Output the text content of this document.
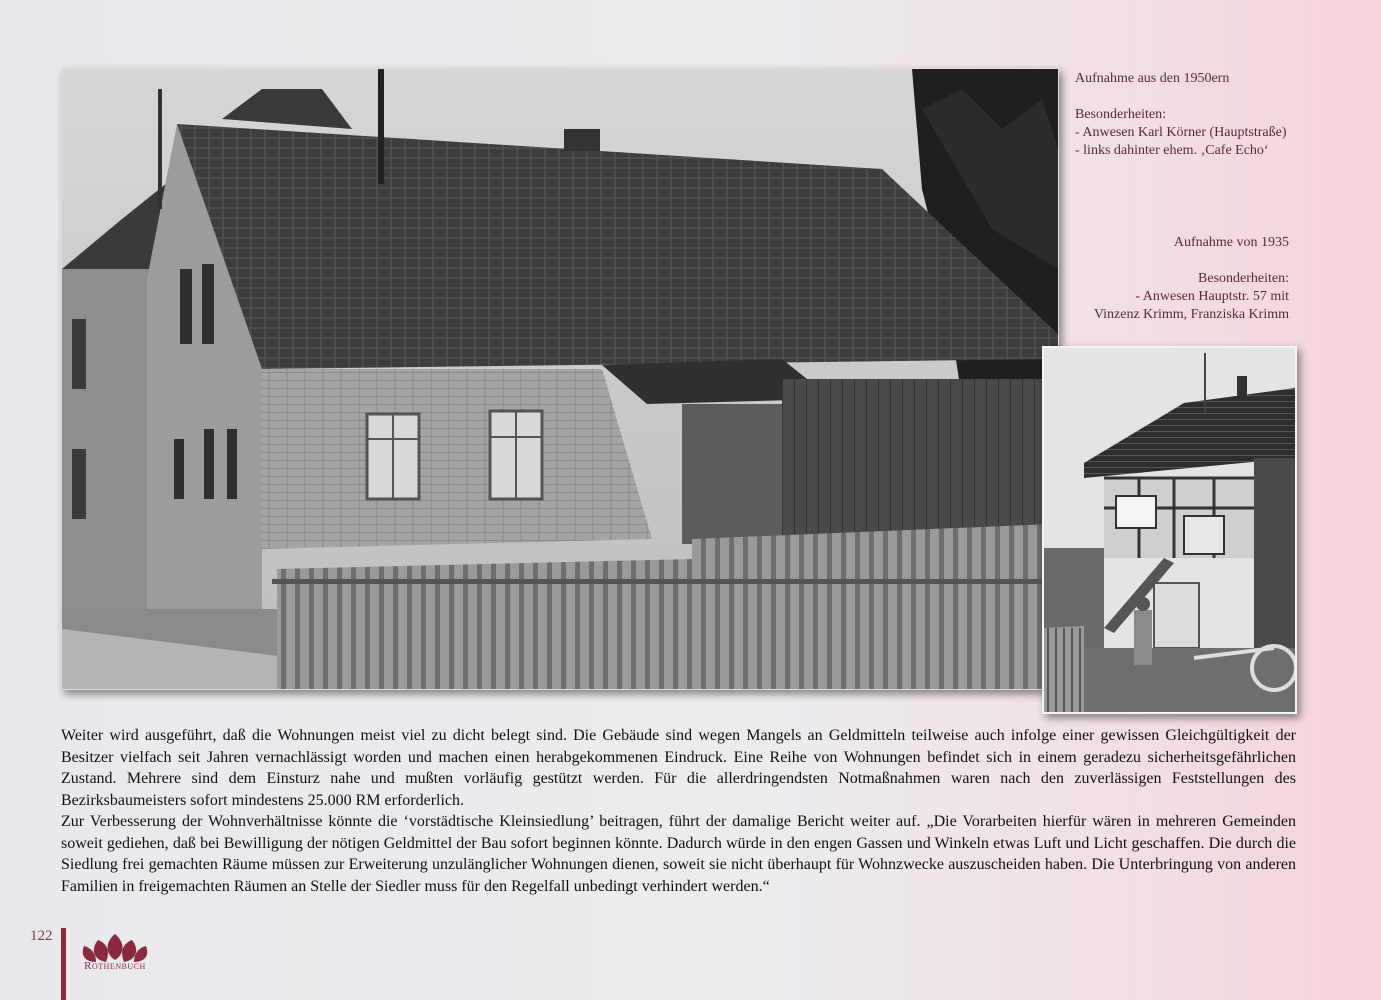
Aufnahme aus den 1950ern

Besonderheiten:

- Anwesen Karl Körner (Hauptstraße)

- links dahinter ehem. ‚Cafe Echo‘

Aufnahme von 1935

Besonderheiten:

- Anwesen Hauptstr. 57 mit

Vinzenz Krimm, Franziska Krimm

Weiter wird ausgeführt, daß die Wohnungen meist viel zu dicht belegt sind. Die Gebäude sind wegen Mangels an Geldmitteln teilweise auch infolge einer gewissen Gleichgültigkeit der Besitzer vielfach seit Jahren vernachlässigt worden und machen einen herabgekommenen Eindruck. Eine Reihe von Wohnungen befindet sich in einem geradezu sicherheitsgefährlichen Zustand. Mehrere sind dem Einsturz nahe und mußten vorläufig gestützt werden. Für die allerdringendsten Notmaßnahmen waren nach den zuverlässigen Feststellungen des Bezirksbaumeisters sofort mindestens 25.000 RM erforderlich.

Zur Verbesserung der Wohnverhältnisse könnte die ‘vorstädtische Kleinsiedlung’ beitragen, führt der damalige Bericht weiter auf. „Die Vorarbeiten hierfür wären in mehreren Gemeinden soweit gediehen, daß bei Bewilligung der nötigen Geldmittel der Bau sofort beginnen könnte. Dadurch würde in den engen Gassen und Winkeln etwas Luft und Licht geschaffen. Die durch die Siedlung frei gemachten Räume müssen zur Erweiterung unzulänglicher Wohnungen dienen, soweit sie nicht überhaupt für Wohnzwecke auszuscheiden haben. Die Unterbringung von anderen Familien in freigemachten Räumen an Stelle der Siedler muss für den Regelfall unbedingt verhindert werden.“

122
Rothenbuch
